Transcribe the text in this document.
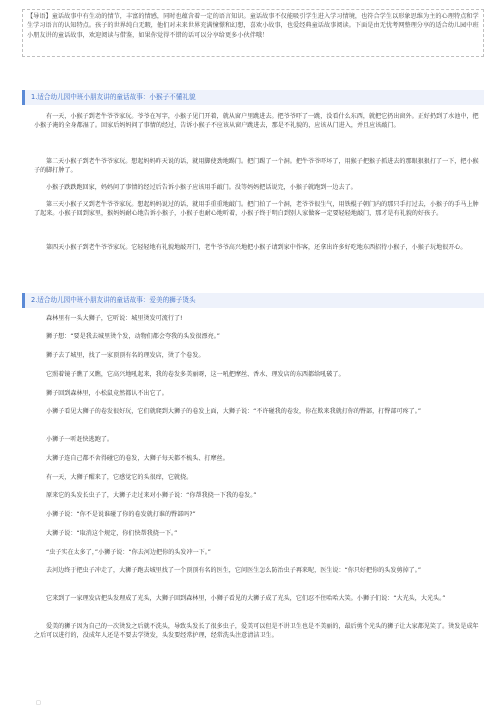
【导语】童话故事中有生动的情节，丰富的情感，同时也蕴含着一定的语言知识。童话故事不仅能吸引学生进入学习情境，也符合学生以形象思维为主的心理特点和学生学习语言的认知特点。孩子的世界纯白无暇，他们对未来世界充满憧憬和幻想，喜欢小故事，也爱经典童话故事阅读。下面是由无忧考网整理分享的适合幼儿园中班小朋友讲的童话故事，欢迎阅读与借鉴，如果你觉得不错的话可以分享给更多小伙伴哦！
1.适合幼儿园中班小朋友讲的童话故事：小猴子不懂礼貌

有一天，小猴子到老牛爷爷家玩。爷爷在写字，小猴子见门开着，就从窗户里跳进去。把爷爷吓了一跳，没看什么东西，就把它扔出窗外。正好扔到了水池中，把小猴子淹的全身都湿了。回家后妈妈问了事情的经过，告诉小猴子不应该从窗户跳进去，那是不礼貌的，应该从门进入，并且应该敲门。

第二天小猴子到老牛爷爷家玩。想起妈妈昨天说的话，就用脚使劲地踢门。把门踢了一个洞。把牛爷爷吓坏了，用猴子把猴子抓进去的那眼狠狠打了一下，把小猴子的脚打肿了。

小猴子跌跌跑回家，妈妈问了事情的经过后告诉小猴子应该用手敲门。没等妈妈把话说完，小猴子就跑到一边去了。

第三天小猴子又到老牛爷爷家玩。想起妈妈说过的话，就用手重重地敲门。把门拍了一个洞，老爷爷很生气，用铁棍子朝门内的那只手打过去，小猴子的手马上肿了起来。小猴子回到家里，猴妈妈耐心地告诉小猴子，小猴子也耐心地听着，小猴子终于明白到别人家做客一定要轻轻地敲门，那才是有礼貌的好孩子。

第四天小猴子到老牛爷爷家玩。它轻轻地有礼貌地敲开门，老牛爷爷高兴地把小猴子请到家中作客，还拿出许多好吃地东西招待小猴子，小猴子玩地很开心。

2.适合幼儿园中班小朋友讲的童话故事：爱美的狮子烫头

森林里有一头大狮子，它听说：城里烫发可流行了!

狮子想：“要是我去城里烫个发，动物们都会夸我的头发很漂亮。”

狮子去了城里，找了一家顶顶有名的理发店，烫了个卷发。

它照着镜子瞧了又瞧，它高兴地吼起来，我的卷发多美丽呀，这一吼把摩丝、香水、理发店的东西都给吼破了。

狮子回到森林里，小松鼠竟然都认不出它了。

小狮子看见大狮子的卷发很好玩，它们就爬到大狮子的卷发上面，大狮子说：“不许碰我的卷发，你在欺来我就打你的臀部，打臀部可疼了。”

小狮子一听赶快逃跑了。

大狮子连自己都不舍得碰它的卷发，大狮子每天都不梳头、打摩丝。

有一天，大狮子醒来了，它感觉它的头很痒，它就挠。

原来它的头发长虫子了，大狮子走过来对小狮子说：“你帮我挠一下我的卷发。”

小狮子说：“你不是说谁碰了你的卷发就打谁的臀部吗?”

大狮子说：“取消这个规定，你们快帮我挠一下。”

“虫子实在太多了，”小狮子说：“你去河边把你的头发冲一下。”

去河边终于把虫子冲走了，大狮子跑去城里找了一个顶顶有名的医生，它问医生怎么防治虫子再来呢，医生说：“你只好把你的头发剪掉了。”

它来到了一家理发店把头发理成了光头，大狮子回到森林里，小狮子看见的大狮子成了光头，它们忍不住哈哈大笑。小狮子们说：“大光头，大光头。”

爱美的狮子因为自己的一次烫发之后就不洗头，导致头发长了很多虫子，爱美可以但是不讲卫生也是不美丽的，最后剪个光头的狮子让大家都见笑了。烫发是成年之后可以进行的，没成年人还是不要去学烫发，头发要经常护理，经常洗头注意清洁卫生。

□
